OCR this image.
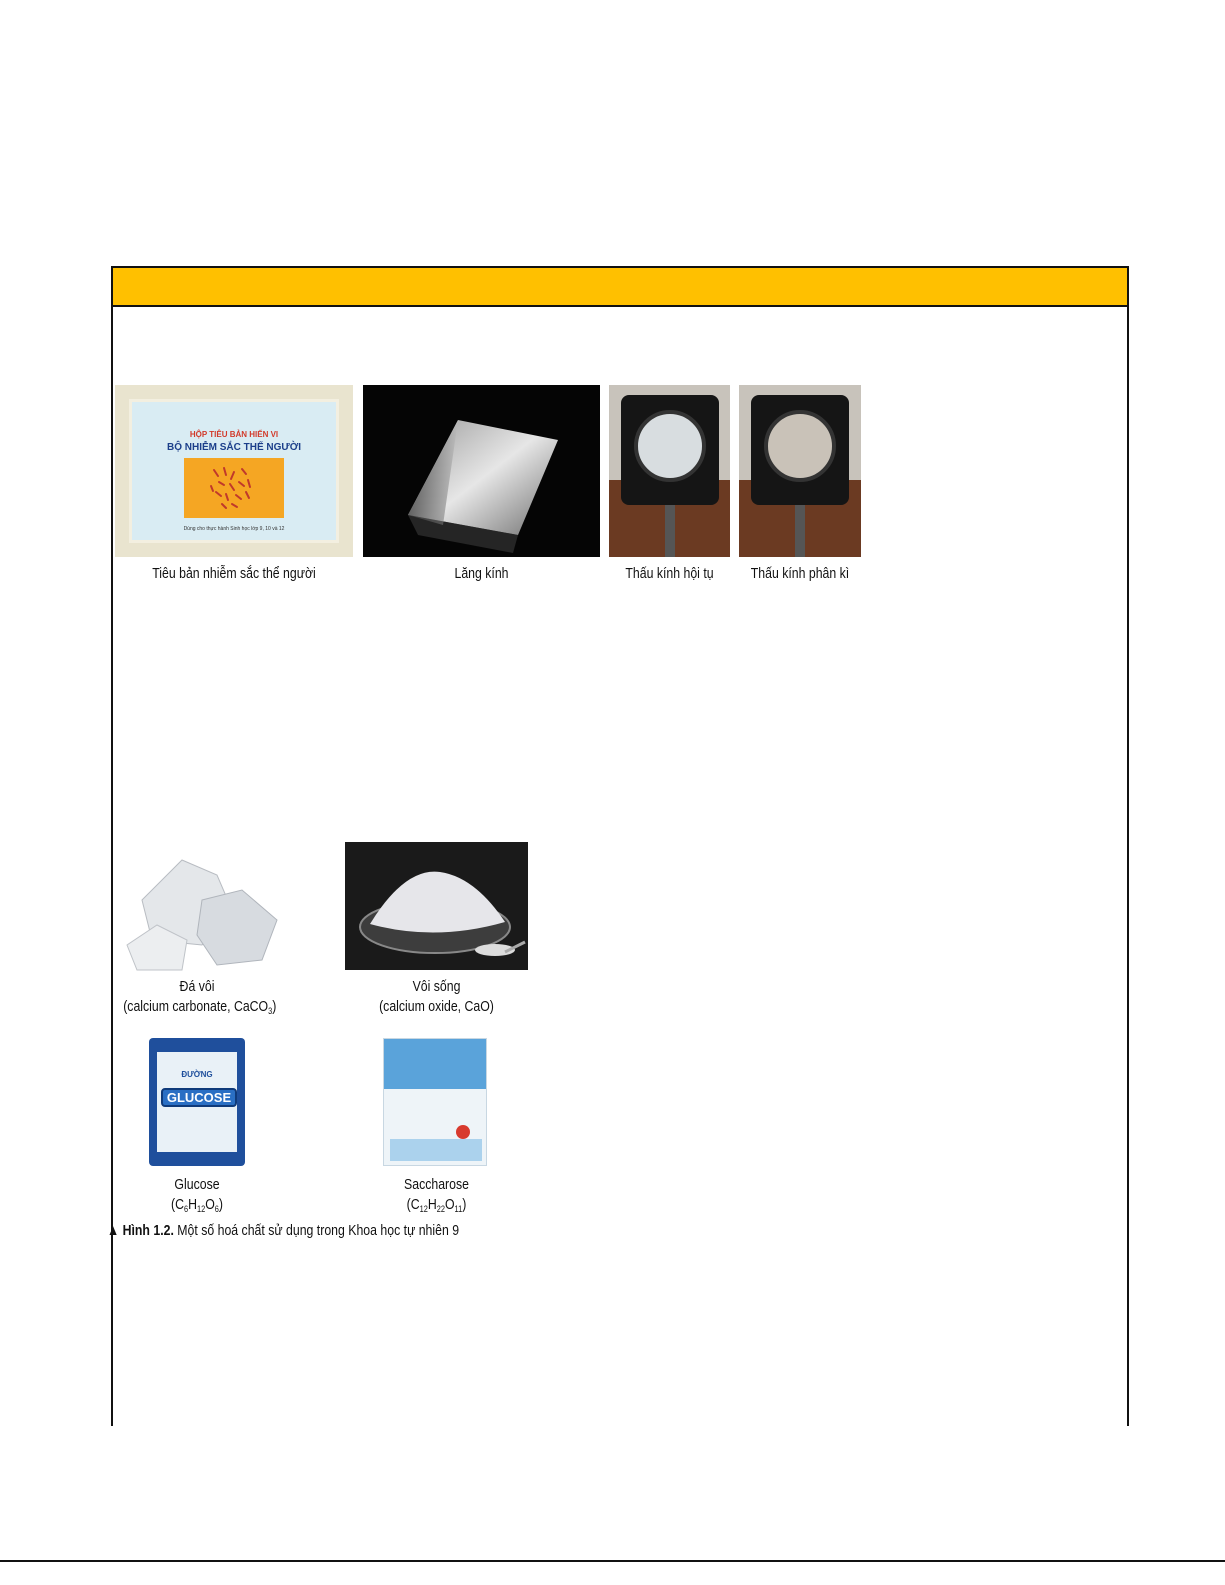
HỘP TIÊU BẢN HIỂN VI
BỘ NHIỄM SẮC THỂ NGƯỜI
Dùng cho thực hành Sinh học lớp 9, 10 và 12
Tiêu bản nhiễm sắc thể người	Lăng kính	Thấu kính hội tụ	Thấu kính phân kì
Đá vôi
(calcium carbonate, CaCO$_3$)
Vôi sống
(calcium oxide, CaO)
ĐƯỜNG
GLUCOSE
Glucose
$(C_6H_{12}O_6)$
Saccharose
$(C_{12}H_{22}O_{11})$
▲ Hình 1.2. Một số hoá chất sử dụng trong Khoa học tự nhiên 9
